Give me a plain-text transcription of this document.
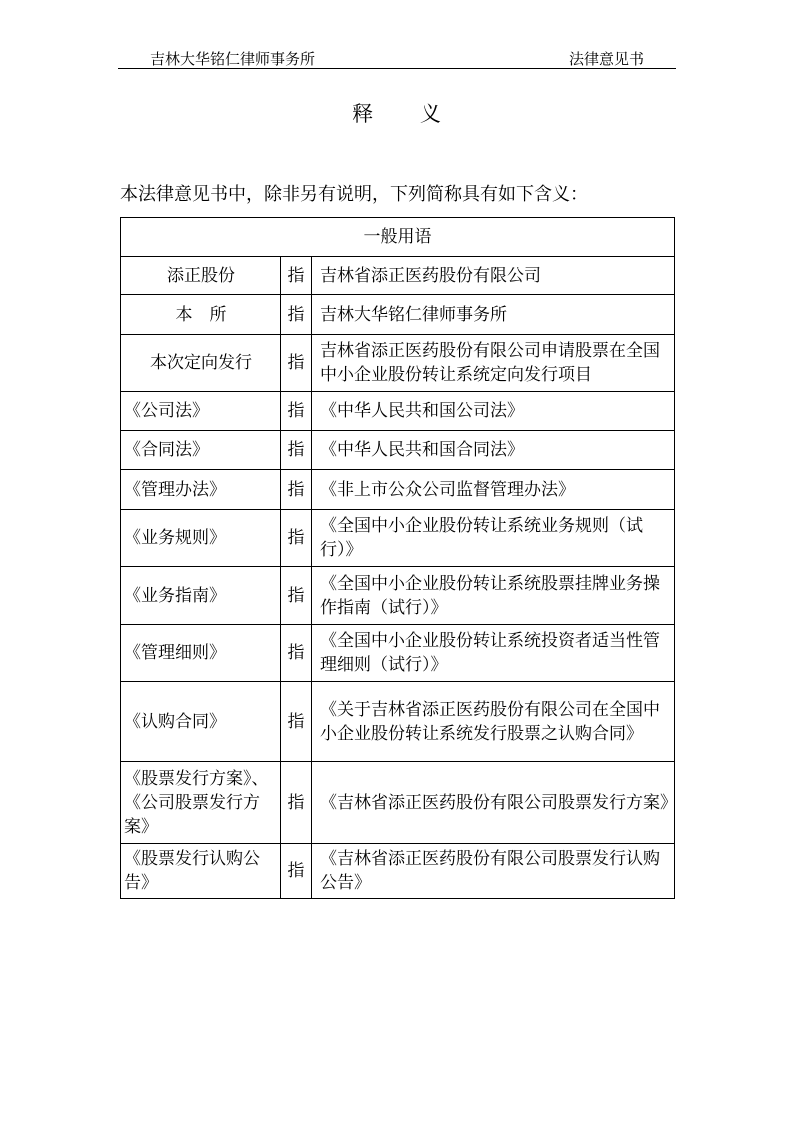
吉林大华铭仁律师事务所	法律意见书
释 义
本法律意见书中，除非另有说明，下列简称具有如下含义：
一般用语		
添正股份	指	吉林省添正医药股份有限公司
本　所	指	吉林大华铭仁律师事务所
本次定向发行	指	吉林省添正医药股份有限公司申请股票在全国中小企业股份转让系统定向发行项目
《公司法》	指	《中华人民共和国公司法》
《合同法》	指	《中华人民共和国合同法》
《管理办法》	指	《非上市公众公司监督管理办法》
《业务规则》	指	《全国中小企业股份转让系统业务规则（试行）》
《业务指南》	指	《全国中小企业股份转让系统股票挂牌业务操作指南（试行）》
《管理细则》	指	《全国中小企业股份转让系统投资者适当性管理细则（试行）》
《认购合同》	指	《关于吉林省添正医药股份有限公司在全国中小企业股份转让系统发行股票之认购合同》
《股票发行方案》、《公司股票发行方案》	指	《吉林省添正医药股份有限公司股票发行方案》
《股票发行认购公告》	指	《吉林省添正医药股份有限公司股票发行认购公告》
